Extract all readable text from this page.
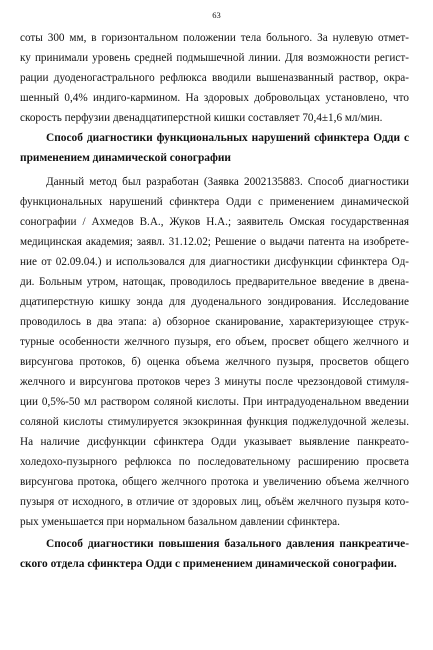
63
соты 300 мм, в горизонтальном положении тела больного. За нулевую отмет-
ку принимали уровень средней подмышечной линии. Для возможности регист-
рации дуоденогастрального рефлюкса вводили вышеназванный раствор, окра-
шенный 0,4% индиго-кармином. На здоровых добровольцах установлено, что
скорость перфузии двенадцатиперстной кишки составляет 70,4±1,6 мл/мин.
Способ диагностики функциональных нарушений сфинктера Одди с
применением динамической сонографии
Данный метод был разработан (Заявка 2002135883. Способ диагностики
функциональных нарушений сфинктера Одди с применением динамической
сонографии / Ахмедов В.А., Жуков Н.А.; заявитель Омская государственная
медицинская академия; заявл. 31.12.02; Решение о выдачи патента на изобрете-
ние от 02.09.04.) и использовался для диагностики дисфункции сфинктера Од-
ди. Больным утром, натощак, проводилось предварительное введение в двена-
дцатиперстную кишку зонда для дуоденального зондирования. Исследование
проводилось в два этапа: а) обзорное сканирование, характеризующее струк-
турные особенности желчного пузыря, его объем, просвет общего желчного и
вирсунгова протоков, б) оценка объема желчного пузыря, просветов общего
желчного и вирсунгова протоков через 3 минуты после чрezзондовой стимуля-
ции 0,5%-50 мл раствором соляной кислоты. При интрадуоденальном введении
соляной кислоты стимулируется экзокринная функция поджелудочной железы.
На наличие дисфункции сфинктера Одди указывает выявление панкреато-
холедохо-пузырного рефлюкса по последовательному расширению просвета
вирсунгова протока, общего желчного протока и увеличению объема желчного
пузыря от исходного, в отличие от здоровых лиц, объём желчного пузыря кото-
рых уменьшается при нормальном базальном давлении сфинктера.
Способ диагностики повышения базального давления панкреатиче-
ского отдела сфинктера Одди с применением динамической сонографии.
